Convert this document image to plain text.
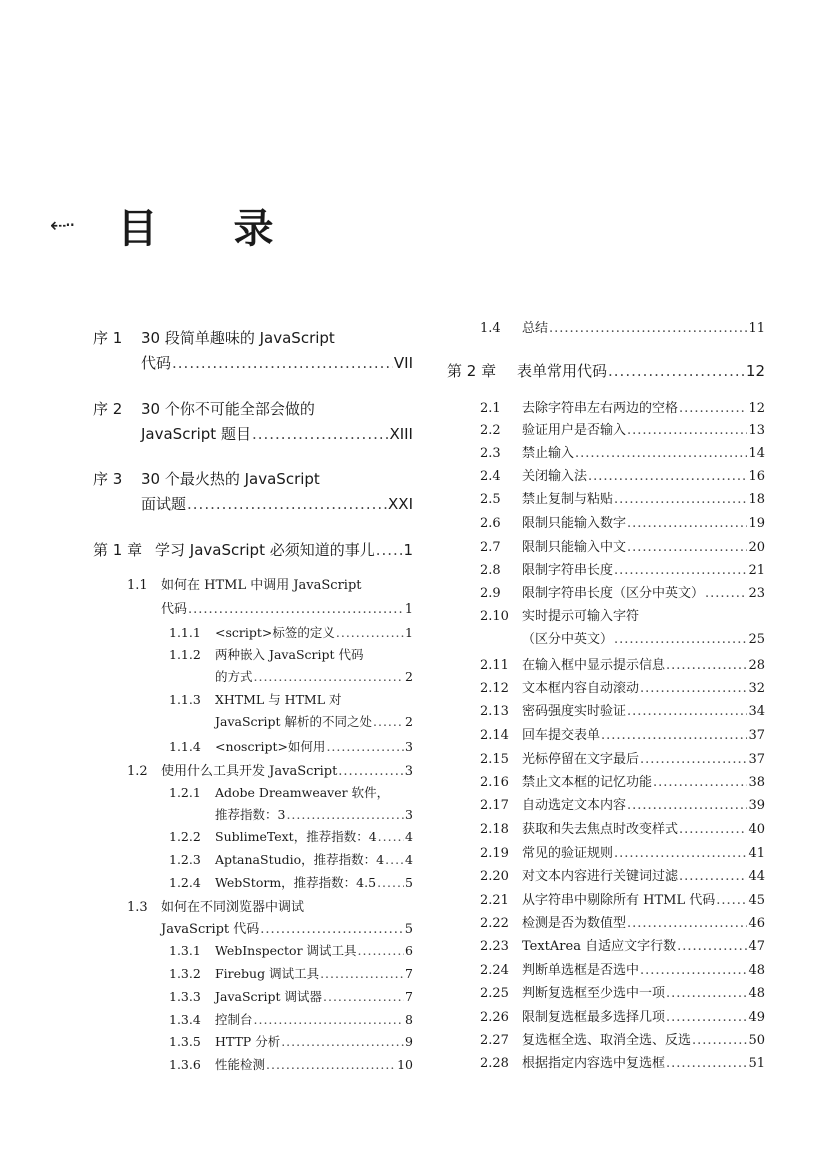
⇠·· 目录
序 1	30 段简单趣味的 JavaScript
代码 .....	VII
序 2	30 个你不可能全部会做的
JavaScript 题目 .....	XIII
序 3	30 个最火热的 JavaScript
面试题 .....	XXI
第 1 章 学习 JavaScript 必须知道的事儿 ..... 1
1.1	如何在 HTML 中调用 JavaScript
代码 .....	1
1.1.1	<script>标签的定义 .....	1
1.1.2	两种嵌入 JavaScript 代码
的方式 .....	2
1.1.3	XHTML 与 HTML 对
JavaScript 解析的不同之处 .....	2
1.1.4	<noscript>如何用 .....	3
1.2	使用什么工具开发 JavaScript .....	3
1.2.1	Adobe Dreamweaver 软件，
推荐指数：3 .....	3
1.2.2	SublimeText，推荐指数：4 ..... 4
1.2.3	AptanaStudio，推荐指数：4 ..... 4
1.2.4	WebStorm，推荐指数：4.5 ..... 5
1.3	如何在不同浏览器中调试
JavaScript 代码 .....	5
1.3.1	WebInspector 调试工具 .....	6
1.3.2	Firebug 调试工具 .....	7
1.3.3	JavaScript 调试器 .....	7
1.3.4	控制台 .....	8
1.3.5	HTTP 分析 .....	9
1.3.6	性能检测 .....	10
1.4	总结 .....	11
第 2 章	表单常用代码 .....	12
2.1	去除字符串左右两边的空格 .....	12
2.2	验证用户是否输入 .....	13
2.3	禁止输入 .....	14
2.4	关闭输入法 .....	16
2.5	禁止复制与粘贴 .....	18
2.6	限制只能输入数字 .....	19
2.7	限制只能输入中文 .....	20
2.8	限制字符串长度 .....	21
2.9	限制字符串长度（区分中英文） .....	23
2.10	实时提示可输入字符
（区分中英文） .....	25
2.11	在输入框中显示提示信息 .....	28
2.12	文本框内容自动滚动 .....	32
2.13	密码强度实时验证 .....	34
2.14	回车提交表单 .....	37
2.15	光标停留在文字最后 .....	37
2.16	禁止文本框的记忆功能 .....	38
2.17	自动选定文本内容 .....	39
2.18	获取和失去焦点时改变样式 .....	40
2.19	常见的验证规则 .....	41
2.20	对文本内容进行关键词过滤 .....	44
2.21	从字符串中剔除所有 HTML 代码 .....	45
2.22	检测是否为数值型 .....	46
2.23	TextArea 自适应文字行数 .....	47
2.24	判断单选框是否选中 .....	48
2.25	判断复选框至少选中一项 .....	48
2.26	限制复选框最多选择几项 .....	49
2.27	复选框全选、取消全选、反选 .....	50
2.28	根据指定内容选中复选框 .....	51
